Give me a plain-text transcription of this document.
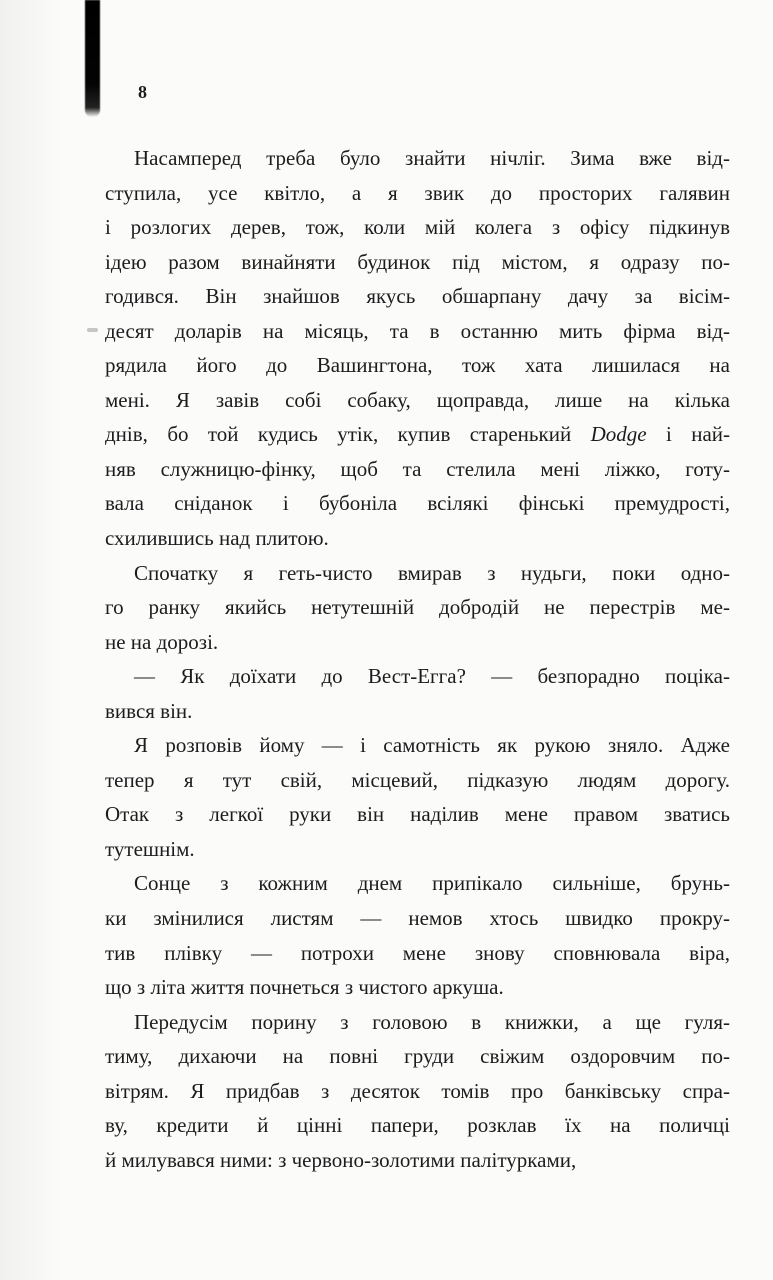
8
Насамперед треба було знайти нічліг. Зима вже від-
ступила, усе квітло, а я звик до просторих галявин
і розлогих дерев, тож, коли мій колега з офісу підкинув
ідею разом винайняти будинок під містом, я одразу по-
годився. Він знайшов якусь обшарпану дачу за вісім-
десят доларів на місяць, та в останню мить фірма від-
рядила його до Вашингтона, тож хата лишилася на
мені. Я завів собі собаку, щоправда, лише на кілька
днів, бо той кудись утік, купив старенький Dodge і най-
няв служницю-фінку, щоб та стелила мені ліжко, готу-
вала сніданок і бубоніла всілякі фінські премудрості,
схилившись над плитою.
Спочатку я геть-чисто вмирав з нудьги, поки одно-
го ранку якийсь нетутешній добродій не перестрів ме-
не на дорозі.
— Як доїхати до Вест-Егга? — безпорадно поціка-
вився він.
Я розповів йому — і самотність як рукою зняло. Адже
тепер я тут свій, місцевий, підказую людям дорогу.
Отак з легкої руки він наділив мене правом зватись
тутешнім.
Сонце з кожним днем припікало сильніше, брунь-
ки змінилися листям — немов хтось швидко прокру-
тив плівку — потрохи мене знову сповнювала віра,
що з літа життя почнеться з чистого аркуша.
Передусім порину з головою в книжки, а ще гуля-
тиму, дихаючи на повні груди свіжим оздоровчим по-
вітрям. Я придбав з десяток томів про банківську спра-
ву, кредити й цінні папери, розклав їх на поличці
й милувався ними: з червоно-золотими палітурками,
